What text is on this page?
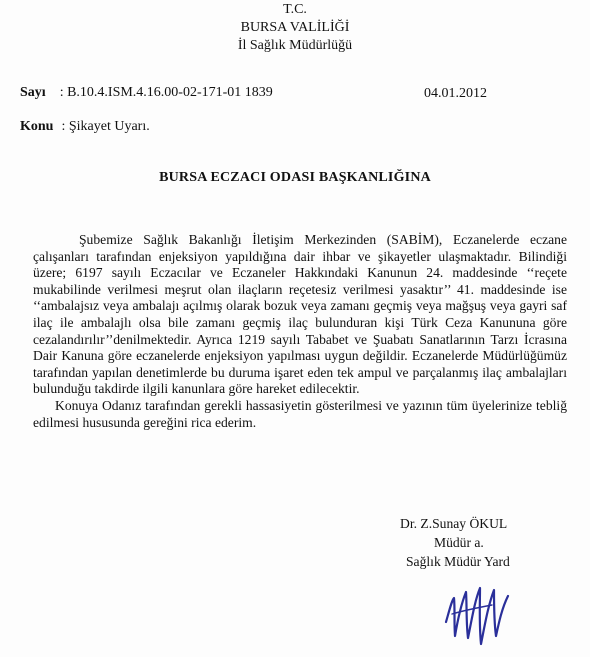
T.C.
BURSA VALİLİĞİ
İl Sağlık Müdürlüğü
Sayı : B.10.4.ISM.4.16.00-02-171-01 1839	04.01.2012
Konu : Şikayet Uyarı.
BURSA ECZACI ODASI BAŞKANLIĞINA

Şubemize Sağlık Bakanlığı İletişim Merkezinden (SABİM), Eczanelerde eczane çalışanları tarafından enjeksiyon yapıldığına dair ihbar ve şikayetler ulaşmaktadır. Bilindiği üzere; 6197 sayılı Eczacılar ve Eczaneler Hakkındaki Kanunun 24. maddesinde ‘‘reçete mukabilinde verilmesi meşrut olan ilaçların reçetesiz verilmesi yasaktır’’ 41. maddesinde ise ‘‘ambalajsız veya ambalajı açılmış olarak bozuk veya zamanı geçmiş veya mağşuş veya gayri saf ilaç ile ambalajlı olsa bile zamanı geçmiş ilaç bulunduran kişi Türk Ceza Kanununa göre cezalandırılır’’denilmektedir. Ayrıca 1219 sayılı Tababet ve Şuabatı Sanatlarının Tarzı İcrasına Dair Kanuna göre eczanelerde enjeksiyon yapılması uygun değildir. Eczanelerde Müdürlüğümüz tarafından yapılan denetimlerde bu duruma işaret eden tek ampul ve parçalanmış ilaç ambalajları bulunduğu takdirde ilgili kanunlara göre hareket edilecektir.

Konuya Odanız tarafından gerekli hassasiyetin gösterilmesi ve yazının tüm üyelerinize tebliğ edilmesi hususunda gereğini rica ederim.

Dr. Z.Sunay ÖKUL
Müdür a.
Sağlık Müdür Yard
